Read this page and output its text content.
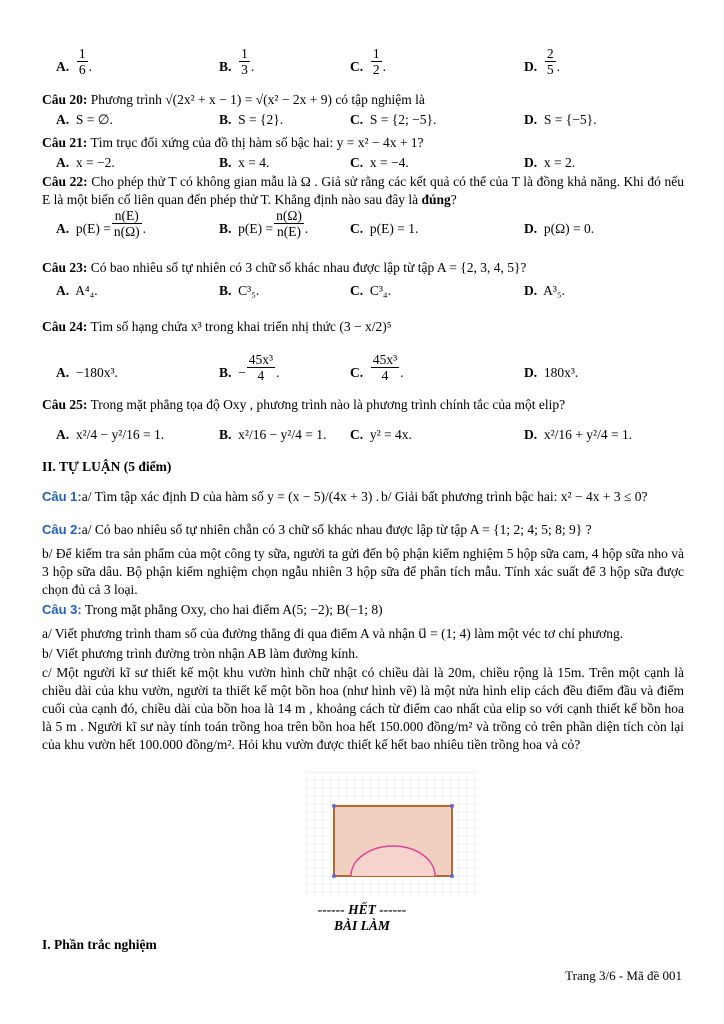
A. $\frac{1}{6}$ .	B. $\frac{1}{3}$ .	C. $\frac{1}{2}$ .	D. $\frac{2}{5}$ .
Câu 20: Phương trình √(2x² + x − 1) = √(x² − 2x + 9) có tập nghiệm là
A. S = ∅.	B. S = {2}.	C. S = {2; −5}.	D. S = {−5}.
Câu 21: Tìm trục đối xứng của đồ thị hàm số bậc hai: y = x² − 4x + 1?
A. x = −2.	B. x = 4.	C. x = −4.	D. x = 2.
Câu 22: Cho phép thử T có không gian mẫu là Ω . Giả sử rằng các kết quả có thể của T là đồng khả năng. Khi đó nếu E là một biến cố liên quan đến phép thử T. Khẳng định nào sau đây là đúng?
A. $p(E) = \frac{n(E)}{n(\Omega)}$ .	B. $p(E) = \frac{n(\Omega)}{n(E)}$ .	C. p(E) = 1.	D. p(Ω) = 0.
Câu 23: Có bao nhiêu số tự nhiên có 3 chữ số khác nhau được lập từ tập A = {2, 3, 4, 5}?
A. A⁴₄.	B. C³₅.	C. C³₄.	D. A³₅.
Câu 24: Tìm số hạng chứa x³ trong khai triển nhị thức (3 − x/2)⁵
A. −180x³.	B. − $\frac{\text{45x³}}{4}$ .	C. $\frac{\text{45x³}}{4}$ .	D. 180x³.
Câu 25: Trong mặt phẳng tọa độ Oxy , phương trình nào là phương trình chính tắc của một elip?
A. x²/4 − y²/16 = 1.	B. x²/16 − y²/4 = 1. C. y² = 4x.	D. x²/16 + y²/4 = 1.
II. TỰ LUẬN (5 điểm)
Câu 1:a/ Tìm tập xác định D của hàm số y = (x − 5)/(4x + 3) . b/ Giải bất phương trình bậc hai: x² − 4x + 3 ≤ 0?
Câu 2:a/ Có bao nhiêu số tự nhiên chẵn có 3 chữ số khác nhau được lập từ tập A = {1; 2; 4; 5; 8; 9} ?
b/ Để kiểm tra sản phẩm của một công ty sữa, người ta gửi đến bộ phận kiểm nghiệm 5 hộp sữa cam, 4 hộp sữa nho và 3 hộp sữa dâu. Bộ phận kiểm nghiệm chọn ngẫu nhiên 3 hộp sữa để phân tích mẫu. Tính xác suất để 3 hộp sữa được chọn đủ cả 3 loại.
Câu 3: Trong mặt phẳng Oxy, cho hai điểm A(5; −2); B(−1; 8)
a/ Viết phương trình tham số của đường thẳng đi qua điểm A và nhận u⃗ = (1; 4) làm một véc tơ chỉ phương.
b/ Viết phương trình đường tròn nhận AB làm đường kính.
c/ Một người kĩ sư thiết kế một khu vườn hình chữ nhật có chiều dài là 20m, chiều rộng là 15m. Trên một cạnh là chiều dài của khu vườn, người ta thiết kế một bồn hoa (như hình vẽ) là một nửa hình elip cách đều điểm đầu và điểm cuối của cạnh đó, chiều dài của bồn hoa là 14 m , khoảng cách từ điểm cao nhất của elip so với cạnh thiết kế bồn hoa là 5 m . Người kĩ sư này tính toán trồng hoa trên bồn hoa hết 150.000 đồng/m² và trồng cỏ trên phần diện tích còn lại của khu vườn hết 100.000 đồng/m². Hỏi khu vườn được thiết kế hết bao nhiêu tiền trồng hoa và cỏ?
------ HẾT ------
BÀI LÀM
I. Phần trắc nghiệm
Trang 3/6 - Mã đề 001
